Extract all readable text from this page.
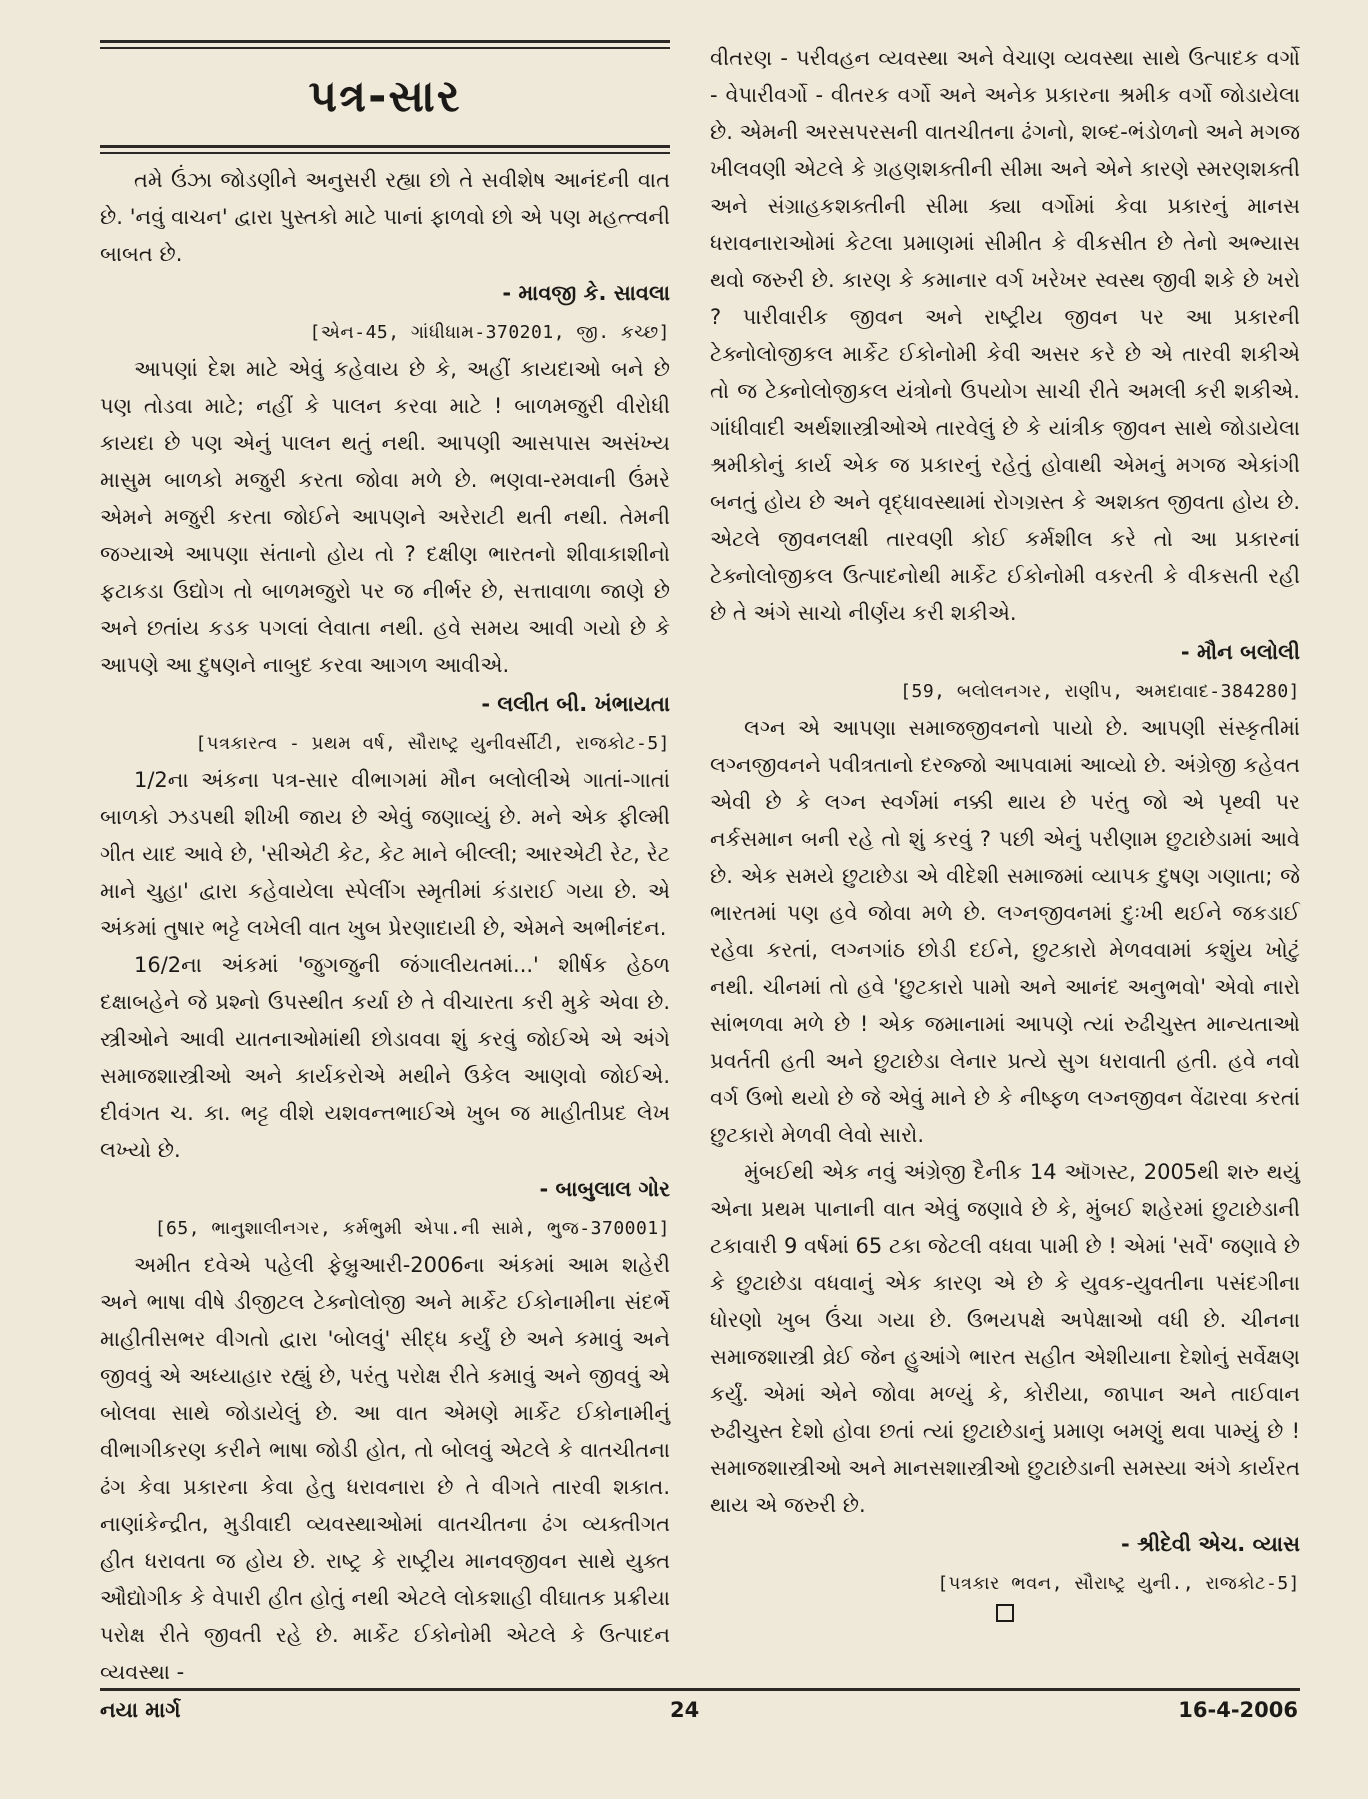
પત્ર-સાર

તમે ઉંઝા જોડણીને અનુસરી રહ્યા છો તે સવીશેષ આનંદની વાત છે. 'નવું વાચન' દ્વારા પુસ્તકો માટે પાનાં ફાળવો છો એ પણ મહત્ત્વની બાબત છે.

- માવજી કે. સાવલા
[એન-45, ગાંધીધામ-370201, જી. કચ્છ]

આપણાં દેશ માટે એવું કહેવાય છે કે, અહીં કાયદાઓ બને છે પણ તોડવા માટે; નહીં કે પાલન કરવા માટે ! બાળમજુરી વીરોધી કાયદા છે પણ એનું પાલન થતું નથી. આપણી આસપાસ અસંખ્ય માસુમ બાળકો મજુરી કરતા જોવા મળે છે. ભણવા-રમવાની ઉંમરે એમને મજુરી કરતા જોઈને આપણને અરેરાટી થતી નથી. તેમની જગ્યાએ આપણા સંતાનો હોય તો ? દક્ષીણ ભારતનો શીવાકાશીનો ફટાકડા ઉદ્યોગ તો બાળમજુરો પર જ નીર્ભર છે, સત્તાવાળા જાણે છે અને છતાંય કડક પગલાં લેવાતા નથી. હવે સમય આવી ગયો છે કે આપણે આ દુષણને નાબુદ કરવા આગળ આવીએ.

- લલીત બી. ખંભાયતા
[પત્રકારત્વ - પ્રથમ વર્ષ, સૌરાષ્ટ્ર યુનીવર્સીટી, રાજકોટ-5]

1/2ના અંકના પત્ર-સાર વીભાગમાં મૌન બલોલીએ ગાતાં-ગાતાં બાળકો ઝડપથી શીખી જાય છે એવું જણાવ્યું છે. મને એક ફીલ્મી ગીત યાદ આવે છે, 'સીએટી કેટ, કેટ માને બીલ્લી; આરએટી રેટ, રેટ માને ચુહા' દ્વારા કહેવાયેલા સ્પેલીંગ સ્મૃતીમાં કંડારાઈ ગયા છે. એ અંકમાં તુષાર ભટ્ટે લખેલી વાત ખુબ પ્રેરણાદાયી છે, એમને અભીનંદન.

16/2ના અંકમાં 'જુગજુની જંગાલીયતમાં...' શીર્ષક હેઠળ દક્ષાબહેને જે પ્રશ્નો ઉપસ્થીત કર્યા છે તે વીચારતા કરી મુકે એવા છે. સ્ત્રીઓને આવી યાતનાઓમાંથી છોડાવવા શું કરવું જોઈએ એ અંગે સમાજશાસ્ત્રીઓ અને કાર્યકરોએ મથીને ઉકેલ આણવો જોઈએ. દીવંગત ચ. કા. ભટ્ટ વીશે યશવન્તભાઈએ ખુબ જ માહીતીપ્રદ લેખ લખ્યો છે.

- બાબુલાલ ગોર
[65, ભાનુશાલીનગર, કર્મભુમી એપા.ની સામે, ભુજ-370001]

અમીત દવેએ પહેલી ફેબ્રુઆરી-2006ના અંકમાં આમ શહેરી અને ભાષા વીષે ડીજીટલ ટેક્નોલોજી અને માર્કેટ ઈકોનામીના સંદર્ભે માહીતીસભર વીગતો દ્વારા 'બોલવું' સીદ્ધ કર્યું છે અને કમાવું અને જીવવું એ અધ્યાહાર રહ્યું છે, પરંતુ પરોક્ષ રીતે કમાવું અને જીવવું એ બોલવા સાથે જોડાયેલું છે. આ વાત એમણે માર્કેટ ઈકોનામીનું વીભાગીકરણ કરીને ભાષા જોડી હોત, તો બોલવું એટલે કે વાતચીતના ઢંગ કેવા પ્રકારના કેવા હેતુ ધરાવનારા છે તે વીગતે તારવી શકાત. નાણાંકેન્દ્રીત, મુડીવાદી વ્યવસ્થાઓમાં વાતચીતના ઢંગ વ્યક્તીગત હીત ધરાવતા જ હોય છે. રાષ્ટ્ર કે રાષ્ટ્રીય માનવજીવન સાથે યુક્ત ઔદ્યોગીક કે વેપારી હીત હોતું નથી એટલે લોકશાહી વીઘાતક પ્રક્રીયા પરોક્ષ રીતે જીવતી રહે છે. માર્કેટ ઈકોનોમી એટલે કે ઉત્પાદન વ્યવસ્થા -

વીતરણ - પરીવહન વ્યવસ્થા અને વેચાણ વ્યવસ્થા સાથે ઉત્પાદક વર્ગો - વેપારીવર્ગો - વીતરક વર્ગો અને અનેક પ્રકારના શ્રમીક વર્ગો જોડાયેલા છે. એમની અરસપરસની વાતચીતના ઢંગનો, શબ્દ-ભંડોળનો અને મગજ ખીલવણી એટલે કે ગ્રહણશક્તીની સીમા અને એને કારણે સ્મરણશક્તી અને સંગ્રાહકશક્તીની સીમા ક્યા વર્ગોમાં કેવા પ્રકારનું માનસ ધરાવનારાઓમાં કેટલા પ્રમાણમાં સીમીત કે વીકસીત છે તેનો અભ્યાસ થવો જરુરી છે. કારણ કે કમાનાર વર્ગ ખરેખર સ્વસ્થ જીવી શકે છે ખરો ? પારીવારીક જીવન અને રાષ્ટ્રીય જીવન પર આ પ્રકારની ટેક્નોલોજીકલ માર્કેટ ઈકોનોમી કેવી અસર કરે છે એ તારવી શકીએ તો જ ટેક્નોલોજીકલ યંત્રોનો ઉપયોગ સાચી રીતે અમલી કરી શકીએ. ગાંધીવાદી અર્થશાસ્ત્રીઓએ તારવેલું છે કે યાંત્રીક જીવન સાથે જોડાયેલા શ્રમીકોનું કાર્ય એક જ પ્રકારનું રહેતું હોવાથી એમનું મગજ એકાંગી બનતું હોય છે અને વૃદ્ધાવસ્થામાં રોગગ્રસ્ત કે અશક્ત જીવતા હોય છે. એટલે જીવનલક્ષી તારવણી કોઈ કર્મશીલ કરે તો આ પ્રકારનાં ટેક્નોલોજીકલ ઉત્પાદનોથી માર્કેટ ઈકોનોમી વકરતી કે વીકસતી રહી છે તે અંગે સાચો નીર્ણય કરી શકીએ.

- મૌન બલોલી
[59, બલોલનગર, રાણીપ, અમદાવાદ-384280]

લગ્ન એ આપણા સમાજજીવનનો પાયો છે. આપણી સંસ્કૃતીમાં લગ્નજીવનને પવીત્રતાનો દરજ્જો આપવામાં આવ્યો છે. અંગ્રેજી કહેવત એવી છે કે લગ્ન સ્વર્ગમાં નક્કી થાય છે પરંતુ જો એ પૃથ્વી પર નર્કસમાન બની રહે તો શું કરવું ? પછી એનું પરીણામ છુટાછેડામાં આવે છે. એક સમયે છુટાછેડા એ વીદેશી સમાજમાં વ્યાપક દુષણ ગણાતા; જે ભારતમાં પણ હવે જોવા મળે છે. લગ્નજીવનમાં દુઃખી થઈને જકડાઈ રહેવા કરતાં, લગ્નગાંઠ છોડી દઈને, છુટકારો મેળવવામાં કશુંય ખોટું નથી. ચીનમાં તો હવે 'છુટકારો પામો અને આનંદ અનુભવો' એવો નારો સાંભળવા મળે છે ! એક જમાનામાં આપણે ત્યાં રુઢીચુસ્ત માન્યતાઓ પ્રવર્તતી હતી અને છુટાછેડા લેનાર પ્રત્યે સુગ ધરાવાતી હતી. હવે નવો વર્ગ ઉભો થયો છે જે એવું માને છે કે નીષ્ફળ લગ્નજીવન વેંઢારવા કરતાં છુટકારો મેળવી લેવો સારો.

મુંબઈથી એક નવું અંગ્રેજી દૈનીક 14 ઑગસ્ટ, 2005થી શરુ થયું એના પ્રથમ પાનાની વાત એવું જણાવે છે કે, મુંબઈ શહેરમાં છુટાછેડાની ટકાવારી 9 વર્ષમાં 65 ટકા જેટલી વધવા પામી છે ! એમાં 'સર્વે' જણાવે છે કે છુટાછેડા વધવાનું એક કારણ એ છે કે યુવક-યુવતીના પસંદગીના ધોરણો ખુબ ઉંચા ગયા છે. ઉભયપક્ષે અપેક્ષાઓ વધી છે. ચીનના સમાજશાસ્ત્રી વ્રેઈ જેન હુઆંગે ભારત સહીત એશીયાના દેશોનું સર્વેક્ષણ કર્યું. એમાં એને જોવા મળ્યું કે, કોરીયા, જાપાન અને તાઈવાન રુઢીચુસ્ત દેશો હોવા છતાં ત્યાં છુટાછેડાનું પ્રમાણ બમણું થવા પામ્યું છે ! સમાજશાસ્ત્રીઓ અને માનસશાસ્ત્રીઓ છુટાછેડાની સમસ્યા અંગે કાર્યરત થાય એ જરુરી છે.

- શ્રીદેવી એચ. વ્યાસ
[પત્રકાર ભવન, સૌરાષ્ટ્ર યુની., રાજકોટ-5]
નયા માર્ગ	24	16-4-2006
